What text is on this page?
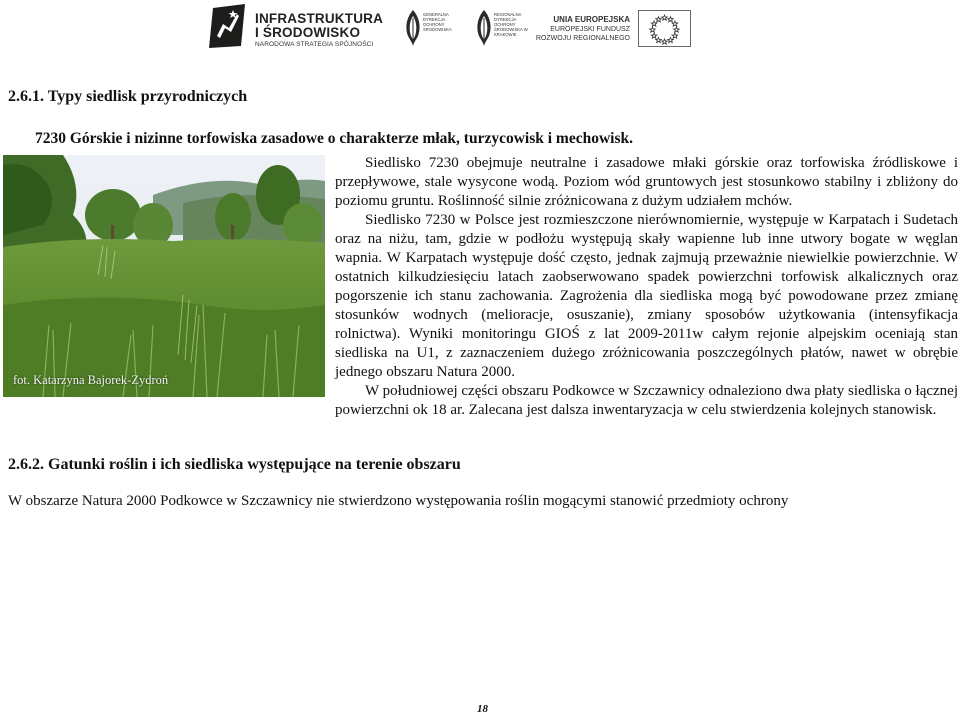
INFRASTRUKTURA
I ŚRODOWISKO
NARODOWA STRATEGIA SPÓJNOŚCI
GENERALNA DYREKCJA OCHRONY ŚRODOWISKA
REGIONALNA DYREKCJA OCHRONY ŚRODOWISKA W KRAKOWIE
UNIA EUROPEJSKA
EUROPEJSKI FUNDUSZ
ROZWOJU REGIONALNEGO
2.6.1. Typy siedlisk przyrodniczych
7230 Górskie i nizinne torfowiska zasadowe o charakterze młak, turzycowisk i mechowisk.
fot. Katarzyna Bajorek-Zydroń

Siedlisko 7230 obejmuje neutralne i zasadowe młaki górskie oraz torfowiska źródliskowe i przepływowe, stale wysycone wodą. Poziom wód gruntowych jest stosunkowo stabilny i zbliżony do poziomu gruntu. Roślinność silnie zróżnicowana z dużym udziałem mchów.

Siedlisko 7230 w Polsce jest rozmieszczone nierównomiernie, występuje w Karpatach i Sudetach oraz na niżu, tam, gdzie w podłożu występują skały wapienne lub inne utwory bogate w węglan wapnia. W Karpatach występuje dość często, jednak zajmują przeważnie niewielkie powierzchnie. W ostatnich kilkudziesięciu latach zaobserwowano spadek powierzchni torfowisk alkalicznych oraz pogorszenie ich stanu zachowania. Zagrożenia dla siedliska mogą być powodowane przez zmianę stosunków wodnych (melioracje, osuszanie), zmiany sposobów użytkowania (intensyfikacja rolnictwa). Wyniki monitoringu GIOŚ z lat 2009-2011w całym rejonie alpejskim oceniają stan siedliska na U1, z zaznaczeniem dużego zróżnicowania poszczególnych płatów, nawet w obrębie jednego obszaru Natura 2000.

W południowej części obszaru Podkowce w Szczawnicy odnaleziono dwa płaty siedliska o łącznej powierzchni ok 18 ar. Zalecana jest dalsza inwentaryzacja w celu stwierdzenia kolejnych stanowisk.

2.6.2. Gatunki roślin i ich siedliska występujące na terenie obszaru
W obszarze Natura 2000 Podkowce w Szczawnicy nie stwierdzono występowania roślin mogącymi stanowić przedmioty ochrony
18
